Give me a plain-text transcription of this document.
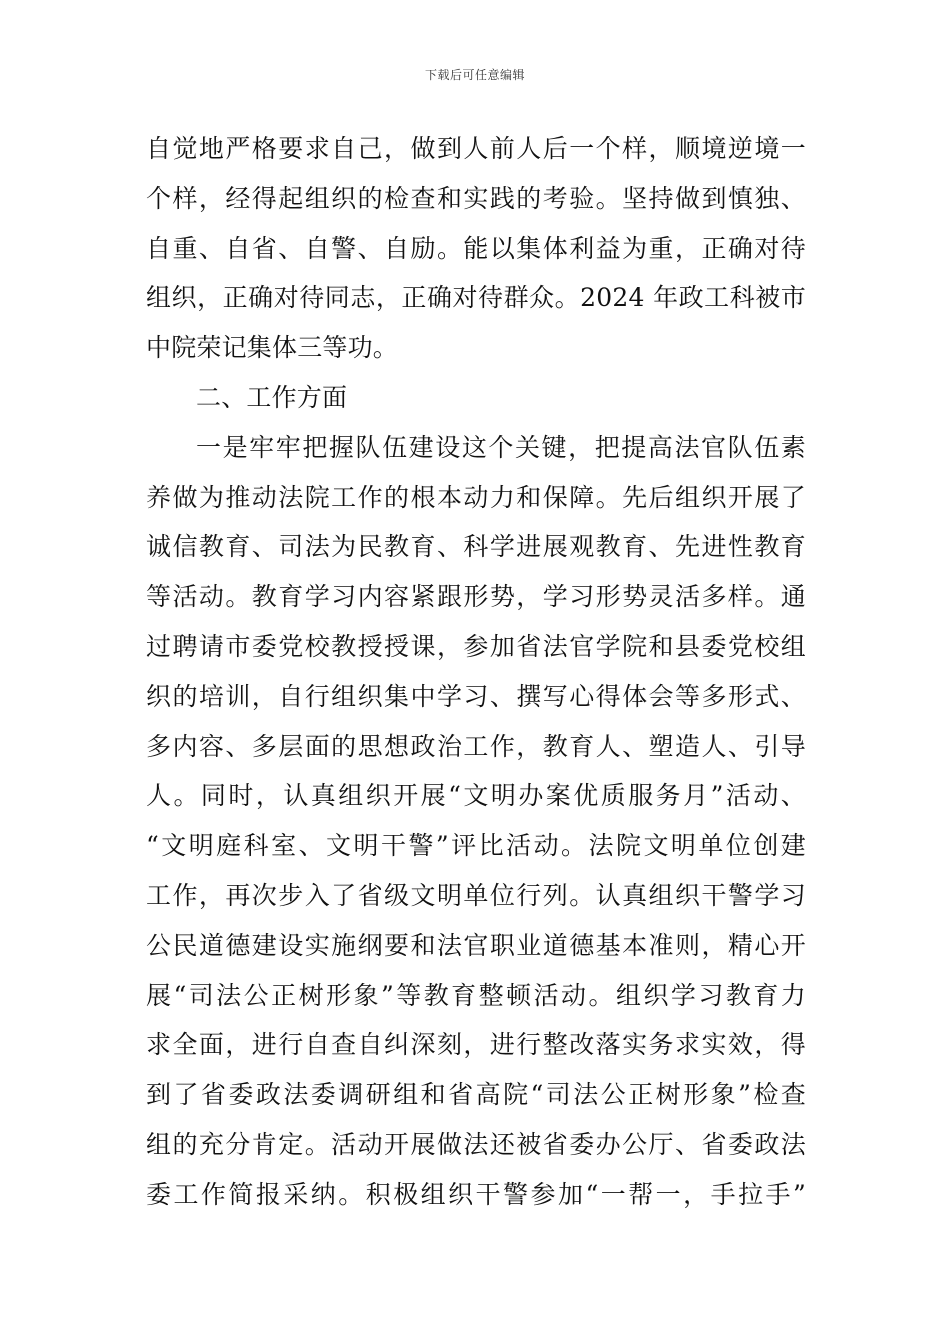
下载后可任意编辑
自觉地严格要求自己，做到人前人后一个样，顺境逆境一
个样，经得起组织的检查和实践的考验。坚持做到慎独、
自重、自省、自警、自励。能以集体利益为重，正确对待
组织，正确对待同志，正确对待群众。2024 年政工科被市
中院荣记集体三等功。
二、工作方面
一是牢牢把握队伍建设这个关键，把提高法官队伍素
养做为推动法院工作的根本动力和保障。先后组织开展了
诚信教育、司法为民教育、科学进展观教育、先进性教育
等活动。教育学习内容紧跟形势，学习形势灵活多样。通
过聘请市委党校教授授课，参加省法官学院和县委党校组
织的培训，自行组织集中学习、撰写心得体会等多形式、
多内容、多层面的思想政治工作，教育人、塑造人、引导
人。同时，认真组织开展“文明办案优质服务月”活动、
“文明庭科室、文明干警”评比活动。法院文明单位创建
工作，再次步入了省级文明单位行列。认真组织干警学习
公民道德建设实施纲要和法官职业道德基本准则，精心开
展“司法公正树形象”等教育整顿活动。组织学习教育力
求全面，进行自查自纠深刻，进行整改落实务求实效，得
到了省委政法委调研组和省高院“司法公正树形象”检查
组的充分肯定。活动开展做法还被省委办公厅、省委政法
委工作简报采纳。积极组织干警参加“一帮一，手拉手”
